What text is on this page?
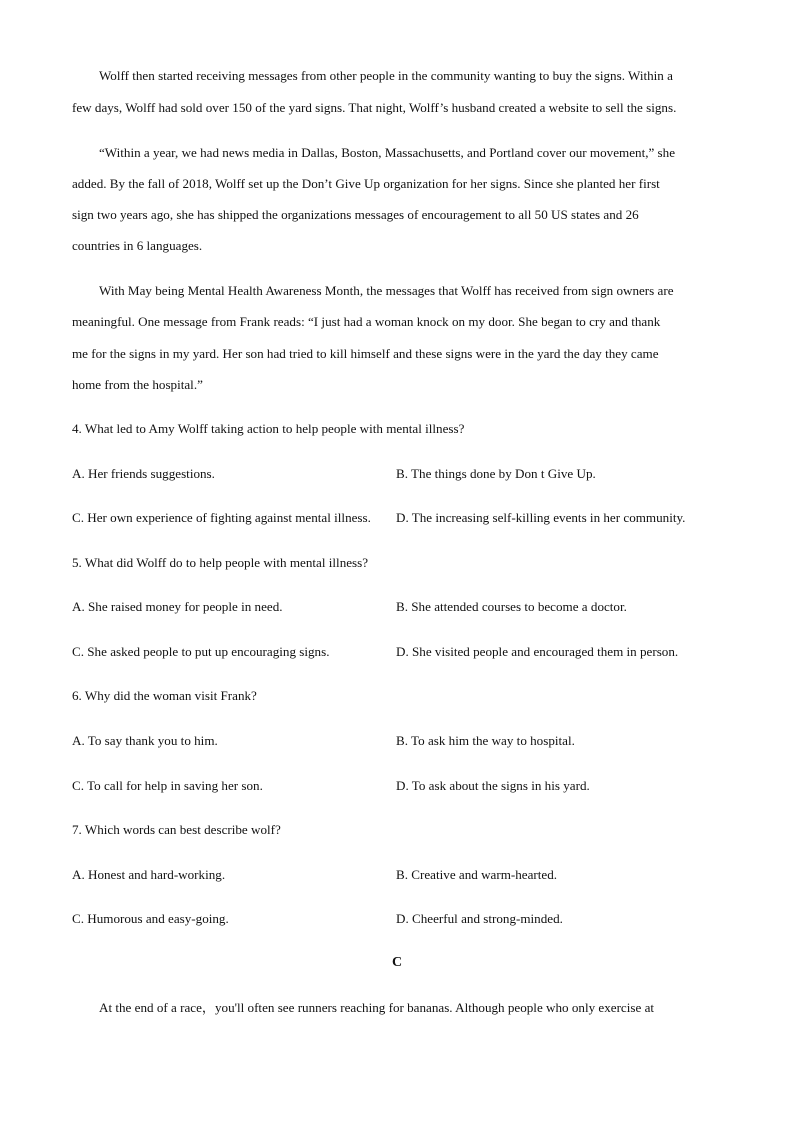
Wolff then started receiving messages from other people in the community wanting to buy the signs. Within a
few days, Wolff had sold over 150 of the yard signs. That night, Wolff’s husband created a website to sell the signs.
“Within a year, we had news media in Dallas, Boston, Massachusetts, and Portland cover our movement,” she
added. By the fall of 2018, Wolff set up the Don’t Give Up organization for her signs. Since she planted her first
sign two years ago, she has shipped the organizations messages of encouragement to all 50 US states and 26
countries in 6 languages.
With May being Mental Health Awareness Month, the messages that Wolff has received from sign owners are
meaningful. One message from Frank reads: “I just had a woman knock on my door. She began to cry and thank
me for the signs in my yard. Her son had tried to kill himself and these signs were in the yard the day they came
home from the hospital.”
4. What led to Amy Wolff taking action to help people with mental illness?
A. Her friends suggestions.	B. The things done by Don t Give Up.
C. Her own experience of fighting against mental illness. D. The increasing self-killing events in her community.
5. What did Wolff do to help people with mental illness?
A. She raised money for people in need.	B. She attended courses to become a doctor.
C. She asked people to put up encouraging signs.	D. She visited people and encouraged them in person.
6. Why did the woman visit Frank?
A. To say thank you to him.	B. To ask him the way to hospital.
C. To call for help in saving her son.	D. To ask about the signs in his yard.
7. Which words can best describe wolf?
A. Honest and hard-working.	B. Creative and warm-hearted.
C. Humorous and easy-going.	D. Cheerful and strong-minded.
C
At the end of a race，you'll often see runners reaching for bananas. Although people who only exercise at
